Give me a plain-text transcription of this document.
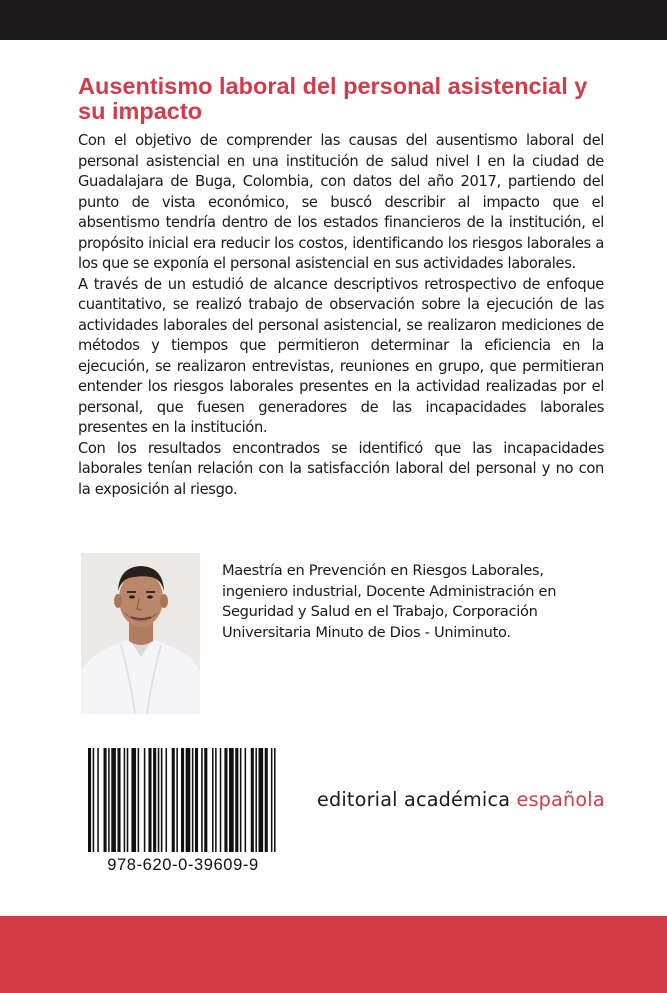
Ausentismo laboral del personal asistencial y su impacto

Con el objetivo de comprender las causas del ausentismo laboral del personal asistencial en una institución de salud nivel I en la ciudad de Guadalajara de Buga, Colombia, con datos del año 2017, partiendo del punto de vista económico, se buscó describir al impacto que el absentismo tendría dentro de los estados financieros de la institución, el propósito inicial era reducir los costos, identificando los riesgos laborales a los que se exponía el personal asistencial en sus actividades laborales.

A través de un estudió de alcance descriptivos retrospectivo de enfoque cuantitativo, se realizó trabajo de observación sobre la ejecución de las actividades laborales del personal asistencial, se realizaron mediciones de métodos y tiempos que permitieron determinar la eficiencia en la ejecución, se realizaron entrevistas, reuniones en grupo, que permitieran entender los riesgos laborales presentes en la actividad realizadas por el personal, que fuesen generadores de las incapacidades laborales presentes en la institución.

Con los resultados encontrados se identificó que las incapacidades laborales tenían relación con la satisfacción laboral del personal y no con la exposición al riesgo.

Maestría en Prevención en Riesgos Laborales, ingeniero industrial, Docente Administración en Seguridad y Salud en el Trabajo, Corporación Universitaria Minuto de Dios - Uniminuto.

978-620-0-39609-9
editorial académica española
